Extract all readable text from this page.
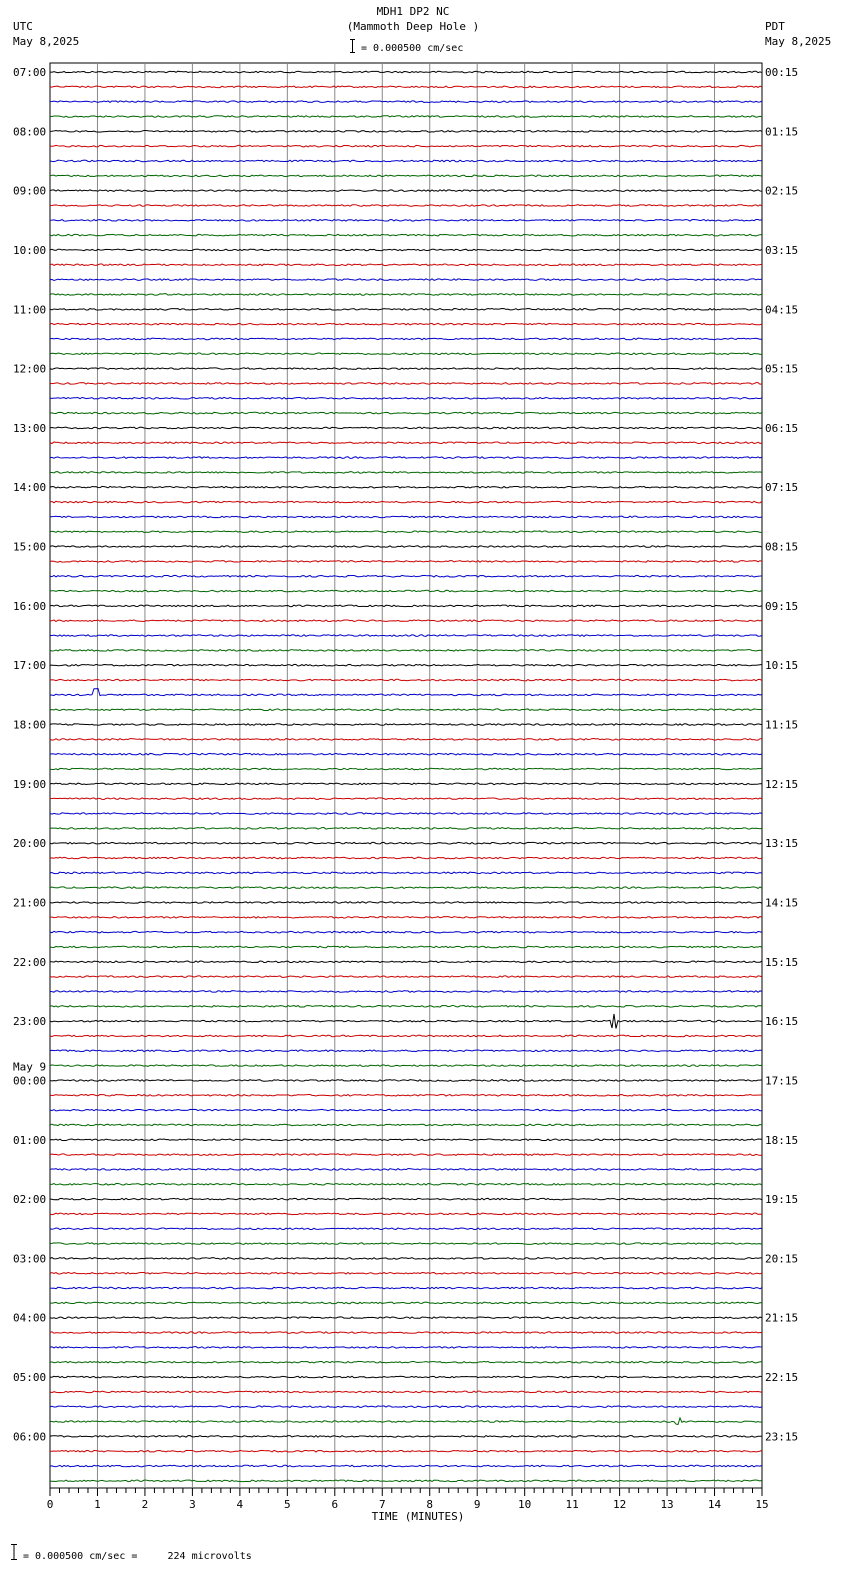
MDH1 DP2 NC
(Mammoth Deep Hole )
= 0.000500 cm/sec
UTC
May 8,2025
PDT
May 8,2025
0	1	2	3	4	5	6	7	8	9	10	11	12	13	14	15
07:00
08:00
09:00
10:00
11:00
12:00
13:00
14:00
15:00
16:00
17:00
18:00
19:00
20:00
21:00
22:00
23:00
00:00
May 9
01:00
02:00
03:00
04:00
05:00
06:00
00:15
01:15
02:15
03:15
04:15
05:15
06:15
07:15
08:15
09:15
10:15
11:15
12:15
13:15
14:15
15:15
16:15
17:15
18:15
19:15
20:15
21:15
22:15
23:15
TIME (MINUTES)
= 0.000500 cm/sec =     224 microvolts
